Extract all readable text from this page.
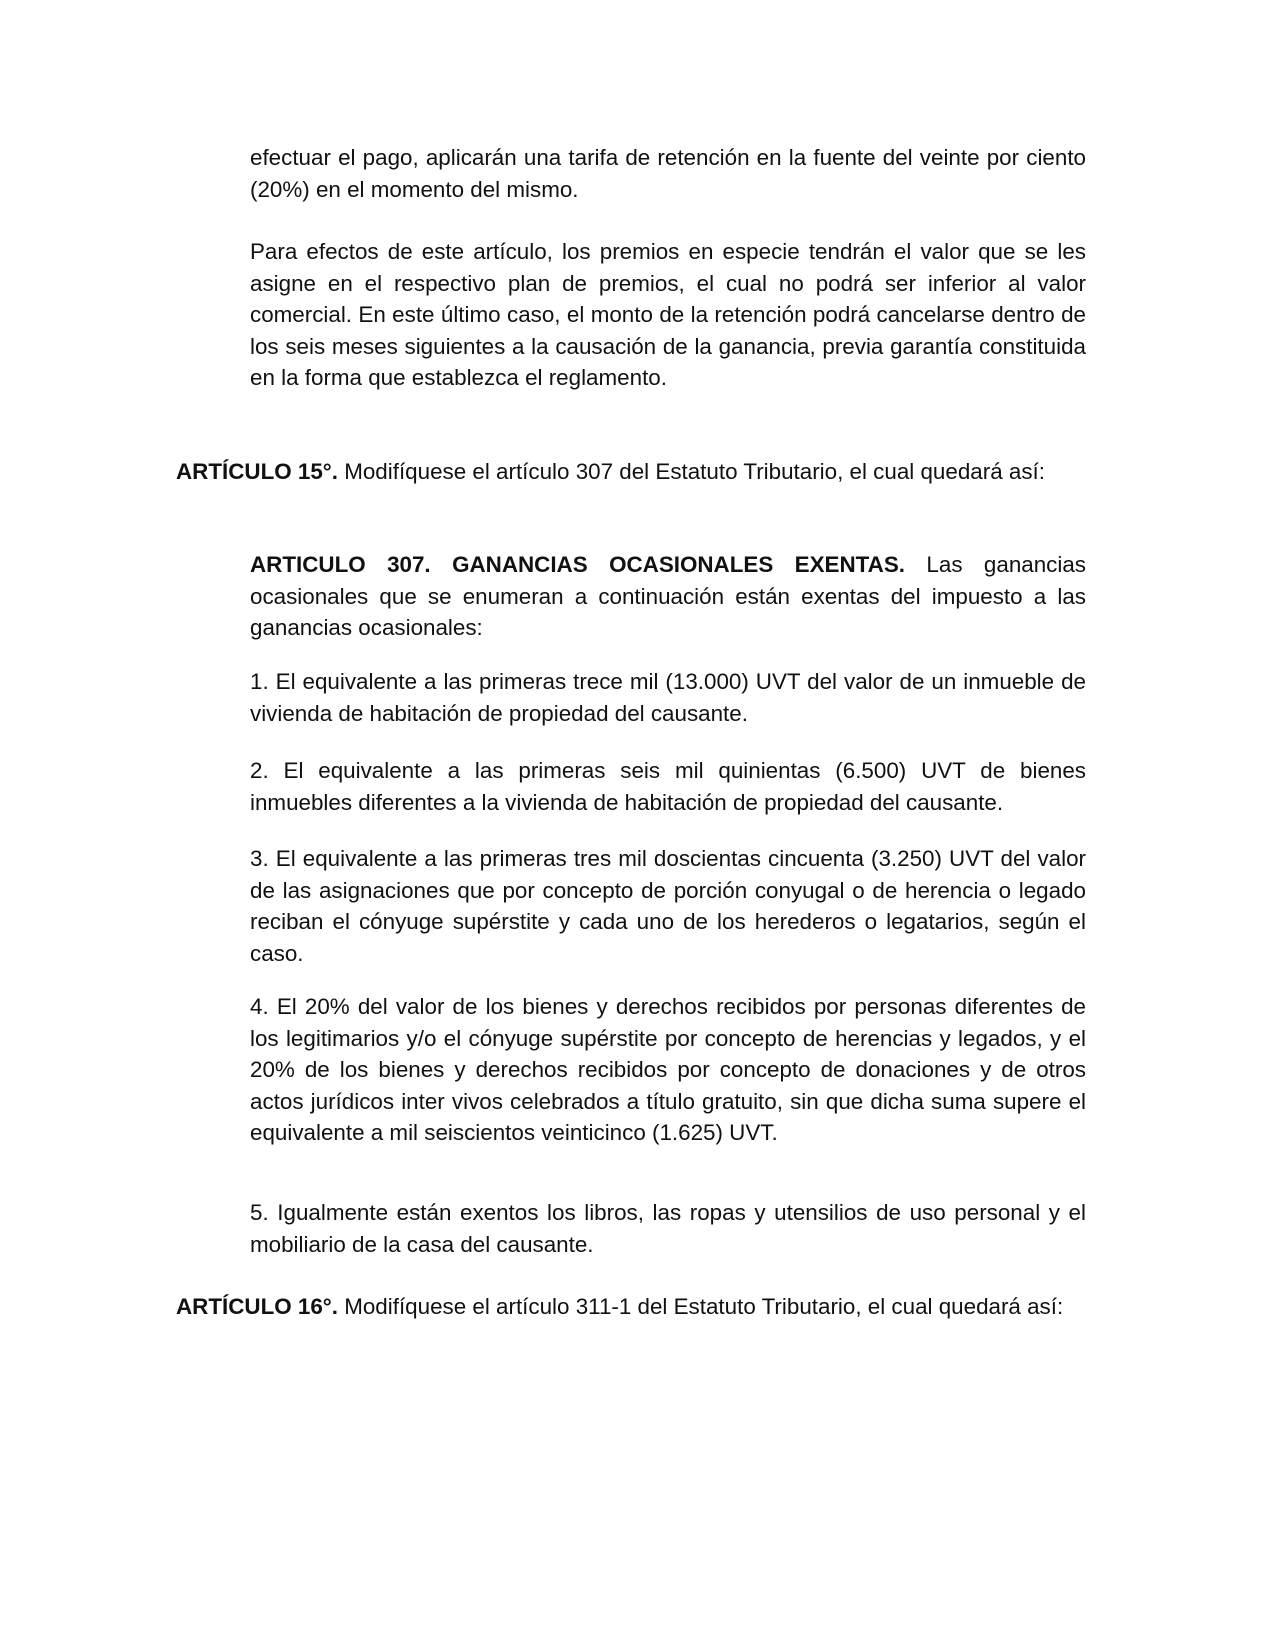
efectuar el pago, aplicarán una tarifa de retención en la fuente del veinte por ciento (20%) en el momento del mismo.

Para efectos de este artículo, los premios en especie tendrán el valor que se les asigne en el respectivo plan de premios, el cual no podrá ser inferior al valor comercial. En este último caso, el monto de la retención podrá cancelarse dentro de los seis meses siguientes a la causación de la ganancia, previa garantía constituida en la forma que establezca el reglamento.

ARTÍCULO 15°. Modifíquese el artículo 307 del Estatuto Tributario, el cual quedará así:

ARTICULO 307. GANANCIAS OCASIONALES EXENTAS. Las ganancias ocasionales que se enumeran a continuación están exentas del impuesto a las ganancias ocasionales:

1. El equivalente a las primeras trece mil (13.000) UVT del valor de un inmueble de vivienda de habitación de propiedad del causante.

2. El equivalente a las primeras seis mil quinientas (6.500) UVT de bienes inmuebles diferentes a la vivienda de habitación de propiedad del causante.

3. El equivalente a las primeras tres mil doscientas cincuenta (3.250) UVT del valor de las asignaciones que por concepto de porción conyugal o de herencia o legado reciban el cónyuge supérstite y cada uno de los herederos o legatarios, según el caso.

4. El 20% del valor de los bienes y derechos recibidos por personas diferentes de los legitimarios y/o el cónyuge supérstite por concepto de herencias y legados, y el 20% de los bienes y derechos recibidos por concepto de donaciones y de otros actos jurídicos inter vivos celebrados a título gratuito, sin que dicha suma supere el equivalente a mil seiscientos veinticinco (1.625) UVT.

5. Igualmente están exentos los libros, las ropas y utensilios de uso personal y el mobiliario de la casa del causante.

ARTÍCULO 16°. Modifíquese el artículo 311-1 del Estatuto Tributario, el cual quedará así:
